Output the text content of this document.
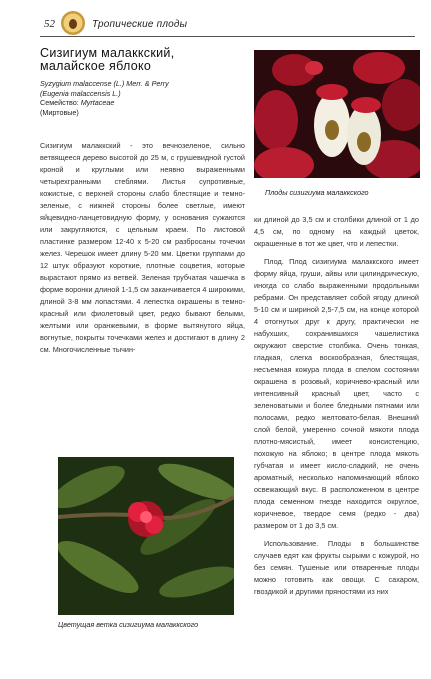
52	Тропические плоды
Сизигиум малаккский,
малайское яблоко
Syzygium malaccense (L.) Merr. & Perry
(Eugenia malaccensis L.)
Семейство: Myrtaceae
(Миртовые)

Сизигиум малаккский - это вечнозеленое, сильно ветвящееся дерево высотой до 25 м, с грушевидной густой кроной и круглыми или неявно выраженными четырехгранными стеблями. Листья супротивные, кожистые, с верхней стороны слабо блестящие и темно-зеленые, с нижней стороны более светлые, имеют яйцевидно-ланцетовидную форму, у основания сужаются или закругляются, с цельным краем. По листовой пластинке размером 12-40 x 5-20 см разбросаны точечки желез. Черешок имеет длину 5-20 мм. Цветки группами до 12 штук образуют короткие, плотные соцветия, которые вырастают прямо из ветвей. Зеленая трубчатая чашечка в форме воронки длиной 1-1,5 см заканчивается 4 широкими, длиной 3-8 мм лопастями. 4 лепестка окрашены в темно-красный или фиолетовый цвет, редко бывают белыми, желтыми или оранжевыми, в форме вытянутого яйца, вогнутые, покрыты точечками желез и достигают в длину 2 см. Многочисленные тычин-

Плоды сизигиума малаккского

ки длиной до 3,5 см и столбики длиной от 1 до 4,5 см, по одному на каждый цветок, окрашенные в тот же цвет, что и лепестки.

Плод. Плод сизигиума малаккского имеет форму яйца, груши, айвы или цилиндрическую, иногда со слабо выраженными продольными ребрами. Он представляет собой ягоду длиной 5-10 см и шириной 2,5-7,5 см, на конце которой 4 отогнутых друг к другу, практически не набухших, сохранившихся чашелистика окружают сверстие столбика. Очень тонкая, гладкая, слегка воскообразная, блестящая, несъемная кожура плода в спелом состоянии окрашена в розовый, коричнево-красный или интенсивный красный цвет, часто с зеленоватыми и более бледными пятнами или полосами, редко желтовато-белая. Внешний слой белой, умеренно сочной мякоти плода плотно-мясистый, имеет консистенцию, похожую на яблоко; в центре плода мякоть губчатая и имеет кисло-сладкий, не очень ароматный, несколько напоминающий яблоко освежающий вкус. В расположенном в центре плода семенном гнезде находится округлое, коричневое, твердое семя (редко - два) размером от 1 до 3,5 см.

Использование. Плоды в большинстве случаев едят как фрукты сырыми с кожурой, но без семян. Тушеные или отваренные плоды можно готовить как овощи. С сахаром, гвоздикой и другими пряностями из них

Цветущая ветка сизигиума малаккского
